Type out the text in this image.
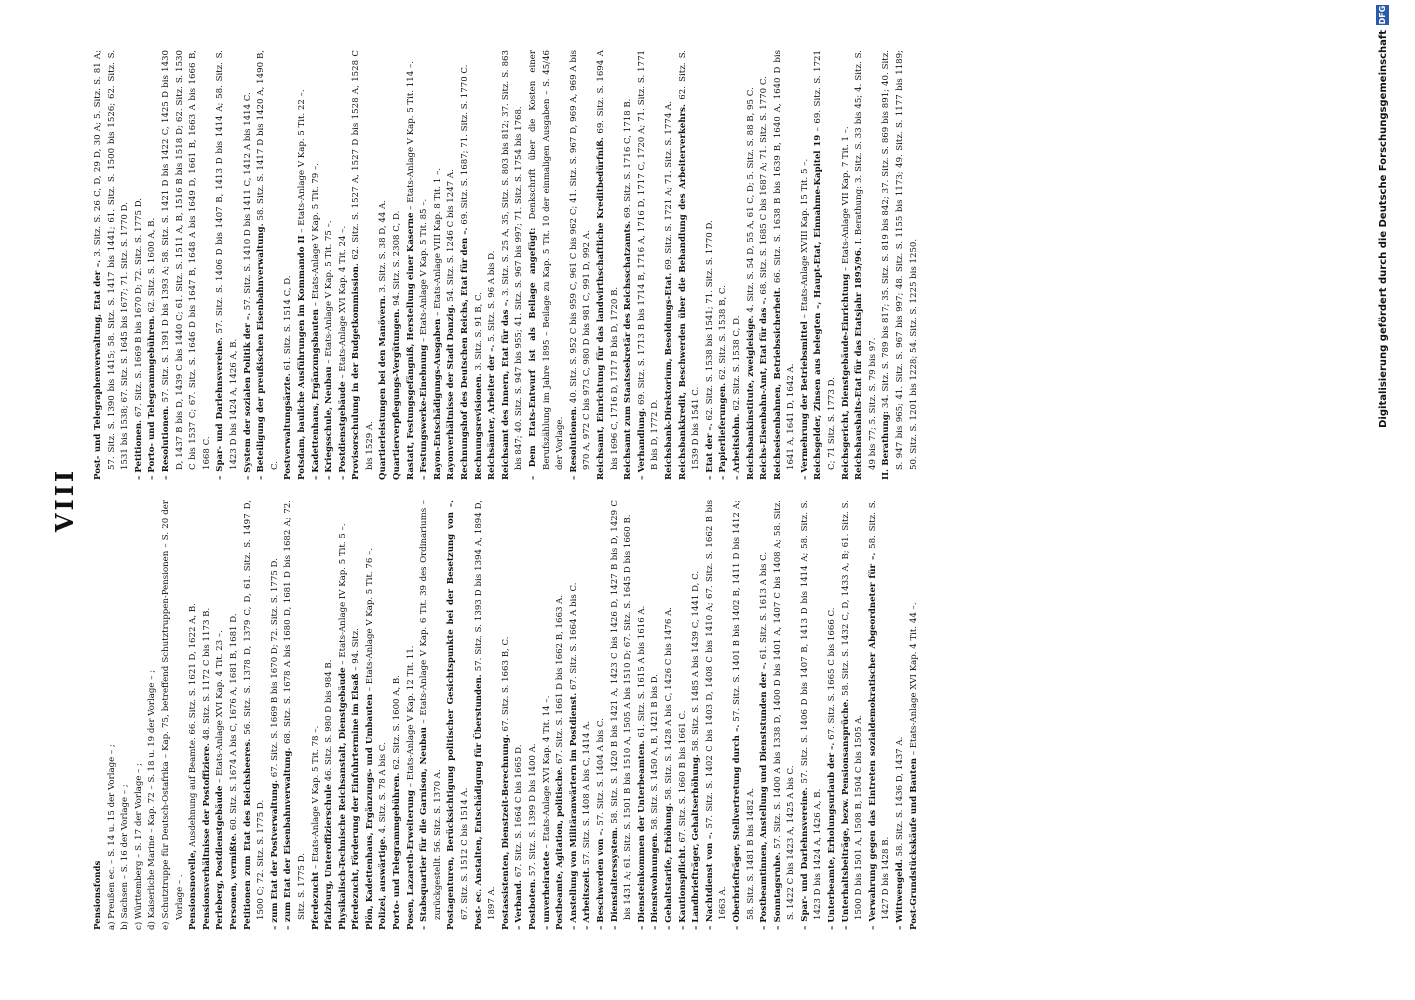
VIII

Pensionsfonds a) Preußen ec. – S. 14 u. 15 der Vorlage – ; b) Sachsen – S. 16 der Vorlage – ; c) Württemberg – S. 17 der Vorlage – ; d) Kaiserliche Marine – Kap. 72 – S. 18 u. 19 der Vorlage – ; e) Schutztruppe für Deutsch-Ostafrika – Kap. 75, betreffend Schutztruppen-Pensionen – S. 20 der Vorlage – . Pensionsnovelle, Ausdehnung auf Beamte. 66. Sitz. S. 1621 D, 1622 A, B. Pensionsverhältnisse der Postoffiziere. 48. Sitz. S. 1172 C bis 1173 B.

Perleberg, Postdienstgebäude – Etats-Anlage XVI Kap. 4 Tit. 23 –.

Personen, vermißte. 60. Sitz. S. 1674 A bis C, 1676 A, 1681 B, 1681 D.

Petitionen zum Etat des Reichsheeres. 56. Sitz. S. 1378 D, 1379 C, D, 61. Sitz. S. 1497 D, 1500 C; 72. Sitz. S. 1775 D. – zum Etat der Postverwaltung. 67. Sitz. S. 1669 B bis 1670 D; 72. Sitz. S. 1775 D.

– zum Etat der Eisenbahnverwaltung. 68. Sitz. S. 1678 A bis 1680 D, 1681 D bis 1682 A; 72. Sitz. S. 1775 D. Pferdezucht – Etats-Anlage V Kap. 5 Tit. 78 –. Pfalzburg, Unteroffizierschule 46. Sitz. S. 980 D bis 984 B. Physikalisch-Technische Reichsanstalt, Dienstgebäude – Etats-Anlage IV Kap. 5 Tit. 5 –.

Pferdezucht, Förderung der Einfuhrtermine im Elsaß – 94. Sitz.

Plön, Kadettenhaus, Ergänzungs- und Umbauten – Etats-Anlage V Kap. 5 Tit. 76 –.

Polizei, auswärtige. 4. Sitz. S. 78 A bis C. Porto- und Telegrammgebühren. 62. Sitz. S. 1600 A, B.

Posen, Lazareth-Erweiterung – Etats-Anlage V Kap. 12 Tit. 11.

– Stabsquartier für die Garnison, Neubau – Etats-Anlage V Kap. 6 Tit. 39 des Ordinariums – zurückgestellt. 56. Sitz. S. 1370 A. Postagenturen, Berücksichtigung politischer Gesichtspunkte bei der Besetzung von –. 67. Sitz. S. 1512 C bis 1514 A. Post- ec. Anstalten, Entschädigung für Überstunden. 57. Sitz. S. 1393 D bis 1394 A, 1894 D, 1897 A. Postassistenten, Dienstzeit-Berechnung. 67. Sitz. S. 1663 B, C.

– Verband. 67. Sitz. S. 1664 C bis 1665 D.

Postboten. 57. Sitz. S. 1399 D bis 1400 A.

– unverheiratete – Etats-Anlage XVI Kap. 4 Tit. 14 –. Postbeamte, Agitation, politische. 67. Sitz. S. 1661 D bis 1662 B, 1663 A.

– Anstellung von Militäranwärtern im Postdienst. 67. Sitz. S. 1664 A bis C.

– Arbeitszeit. 57. Sitz. S. 1408 A bis C, 1414 A.

– Beschwerden von –. 57. Sitz. S. 1404 A bis C.

– Dienstalterssystem. 58. Sitz. S. 1420 B bis 1421 A, 1423 C bis 1426 D, 1427 B bis D, 1429 C bis 1431 A; 61. Sitz. S. 1501 B bis 1510 A, 1505 A bis 1510 D; 67. Sitz. S. 1645 D bis 1660 B. – Diensteinkommen der Unterbeamten. 61. Sitz. S. 1615 A bis 1616 A.

– Dienstwohnungen. 58. Sitz. S. 1450 A, B, 1421 B bis D.

– Gehaltstarife, Erhöhung. 58. Sitz. S. 1428 A bis C, 1426 C bis 1476 A.

– Kautionspflicht. 67. Sitz. S. 1660 B bis 1661 C. – Landbriefträger, Gehaltserhöhung. 58. Sitz. S. 1485 A bis 1439 C, 1441 D, C.

– Nachtdienst von –. 57. Sitz. S. 1402 C bis 1403 D, 1408 C bis 1410 A; 67. Sitz. S. 1662 B bis 1663 A. – Oberbriefträger, Stellvertretung durch –. 57. Sitz. S. 1401 B bis 1402 B, 1411 D bis 1412 A; 58. Sitz. S. 1481 B bis 1482 A. – Postbeamtinnen, Anstellung und Dienststunden der –. 61. Sitz. S. 1613 A bis C.

– Sonntagsruhe. 57. Sitz. S. 1400 A bis 1338 D, 1400 D bis 1401 A, 1407 C bis 1408 A; 58. Sitz. S. 1422 C bis 1423 A, 1425 A bis C. – Spar- und Darlehnsvereine. 57. Sitz. S. 1406 D bis 1407 B, 1413 D bis 1414 A; 58. Sitz. S. 1423 D bis 1424 A, 1426 A, B. – Unterbeamte, Erholungsurlaub der –. 67. Sitz. S. 1665 C bis 1666 C.

– Unterhaltsbeiträge, bezw. Pensionsansprüche. 58. Sitz. S. 1432 C, D, 1433 A, B; 61. Sitz. S. 1500 D bis 1501 A, 1508 B, 1504 C bis 1505 A. – Verwahrung gegen das Eintreten sozialdemokratischer Abgeordneter für –. 58. Sitz. S. 1427 D bis 1428 B. – Wittwengeld. 58. Sitz. S. 1436 D, 1437 A. Post-Grundstückskäufe und Bauten – Etats-Anlage XVI Kap. 4 Tit. 44 –.

Post- und Telegraphenverwaltung, Etat der –. 3. Sitz. S. 26 C, D, 29 D, 30 A; 5. Sitz. S. 81 A; 57. Sitz. S. 1390 bis 1415; 58. Sitz. S. 1417 bis 1441; 61. Sitz. S. 1500 bis 1526; 62. Sitz. S. 1531 bis 1538; 67. Sitz. S. 1645 bis 1677; 71. Sitz. S. 1770 D. – Petitionen. 67. Sitz. S. 1669 B bis 1670 D; 72. Sitz. S. 1775 D. – Porto- und Telegrammgebühren. 62. Sitz. S. 1600 A, B.

– Resolutionen. 57. Sitz. S. 1391 D bis 1393 A; 58. Sitz. S. 1421 D bis 1422 C, 1425 D bis 1430 D, 1437 B bis D, 1439 C bis 1440 C; 61. Sitz. S. 1511 A, B, 1516 B bis 1518 D; 62. Sitz. S. 1530 C bis 1537 C; 67. Sitz. S. 1646 D bis 1647 B, 1648 A bis 1649 D, 1661 B, 1663 A bis 1666 B, 1668 C. – Spar- und Darlehnsvereine. 57. Sitz. S. 1406 D bis 1407 B, 1413 D bis 1414 A; 58. Sitz. S. 1423 D bis 1424 A, 1426 A, B. – System der sozialen Politik der –. 57. Sitz. S. 1410 D bis 1411 C, 1412 A bis 1414 C.

– Beteiligung der preußischen Eisenbahnverwaltung. 58. Sitz. S. 1417 D bis 1420 A, 1490 B, C. Postverwaltungsärzte. 61. Sitz. S. 1514 C, D. Potsdam, bauliche Ausführungen im Kommando II – Etats-Anlage V Kap. 5 Tit. 22 –.

– Kadettenhaus, Ergänzungsbauten – Etats-Anlage V Kap. 5 Tit. 79 –.

– Kriegsschule, Neubau – Etats-Anlage V Kap. 5 Tit. 75 –.

– Postdienstgebäude – Etats-Anlage XVI Kap. 4 Tit. 24 –. Provisorschulung in der Budgetkommission. 62. Sitz. S. 1527 A, 1527 D bis 1528 A, 1528 C bis 1529 A. Quartierleistungen bei den Manövern. 3. Sitz. S. 38 D, 44 A.

Quartierverpflegungs-Vergütungen. 94. Sitz. S. 2308 C, D. Rastatt, Festungsgefängniß, Herstellung einer Kaserne – Etats-Anlage V Kap. 5 Tit. 114 –.

– Festungswerke-Einebnung – Etats-Anlage V Kap. 5 Tit. 85 –.

Rayon-Entschädigungs-Ausgaben – Etats-Anlage VIII Kap. 8 Tit. 1 –.

Rayonverhältnisse der Stadt Danzig. 54. Sitz. S. 1246 C bis 1247 A. Rechnungshof des Deutschen Reichs, Etat für den –. 69. Sitz. S. 1687; 71. Sitz. S. 1770 C.

Rechnungsrevisionen. 3. Sitz. S. 91 B, C.

Reichsämter, Arbeiter der –. 5. Sitz. S. 96 A bis D.

Reichsamt des Innern, Etat für das –. 3. Sitz. S. 25 A, 35, Sitz. S. 803 bis 812; 37. Sitz. S. 863 bis 847; 40. Sitz. S. 947 bis 955; 41. Sitz. S. 967 bis 997; 71. Sitz. S. 1754 bis 1768. – Dem Etats-Entwurf ist als Beilage angefügt: Denkschrift über die Kosten einer Berufszählung im Jahre 1895 – Beilage zu Kap. 5 Tit. 10 der einmaligen Ausgaben – S. 45/46 der Vorlage. – Resolutionen. 40. Sitz. S. 952 C bis 959 C, 961 C bis 962 C; 41. Sitz. S. 967 D, 969 A, 969 A bis 970 A, 972 C bis 973 C, 980 D bis 981 C, 991 D, 992 A. Reichsamt, Einrichtung für das landwirthschaftliche Kreditbedürfniß. 69. Sitz. S. 1694 A bis 1696 C, 1716 D, 1717 B bis D, 1720 B. Reichsamt zum Staatssekretär des Reichsschatzamts. 69. Sitz. S. 1716 C, 1718 B.

– Verhandlung. 69. Sitz. S. 1713 B bis 1714 B, 1716 A, 1716 D, 1717 C, 1720 A; 71. Sitz. S. 1771 B bis D, 1772 D. Reichsbank-Direktorium, Besoldungs-Etat. 69. Sitz. S. 1721 A; 71. Sitz. S. 1774 A. Reichsbankkredit, Beschwerden über die Behandlung des Arbeiterverkehrs. 62. Sitz. S. 1539 D bis 1541 C. – Etat der –. 62. Sitz. S. 1538 bis 1541; 71. Sitz. S. 1770 D.

– Papierlieferungen. 62. Sitz. S. 1538 B, C.

– Arbeitslohn. 62. Sitz. S. 1538 C, D. Reichsbankinstitute, zweigleisige. 4. Sitz. S. 54 D, 55 A, 61 C, D; 5. Sitz. S. 88 B, 95 C.

Reichs-Eisenbahn-Amt, Etat für das –. 68. Sitz. S. 1685 C bis 1687 A; 71. Sitz. S. 1770 C.

Reichseisenbahnen, Betriebssicherheit. 66. Sitz. S. 1638 B bis 1639 B, 1640 A, 1640 D bis 1641 A, 1641 D, 1642 A. – Vermehrung der Betriebsmittel – Etats-Anlage XVIII Kap. 15 Tit. 5 –. Reichsgelder, Zinsen aus belegten –, Haupt-Etat, Einnahme-Kapitel 19 – 69. Sitz. S. 1721 C; 71 Sitz. S. 1773 D. Reichsgericht, Dienstgebäude-Einrichtung – Etats-Anlage VII Kap. 7 Tit. 1 –.

Reichshaushalts-Etat für das Etatsjahr 1895/96. I. Berathung: 3. Sitz. S. 33 bis 45; 4. Sitz. S. 49 bis 77; 5. Sitz. S. 79 bis 97. II. Berathung: 34. Sitz. S. 789 bis 817; 35. Sitz. S. 819 bis 842; 37. Sitz. S. 869 bis 891; 40. Sitz. S. 947 bis 965; 41. Sitz. S. 967 bis 997; 48. Sitz. S. 1155 bis 1173; 49. Sitz. S. 1177 bis 1189; 50. Sitz. S. 1201 bis 1228; 54. Sitz. S. 1225 bis 1250.	Digitalisierung gefördert durch die Deutsche Forschungsgemeinschaft
DFG
